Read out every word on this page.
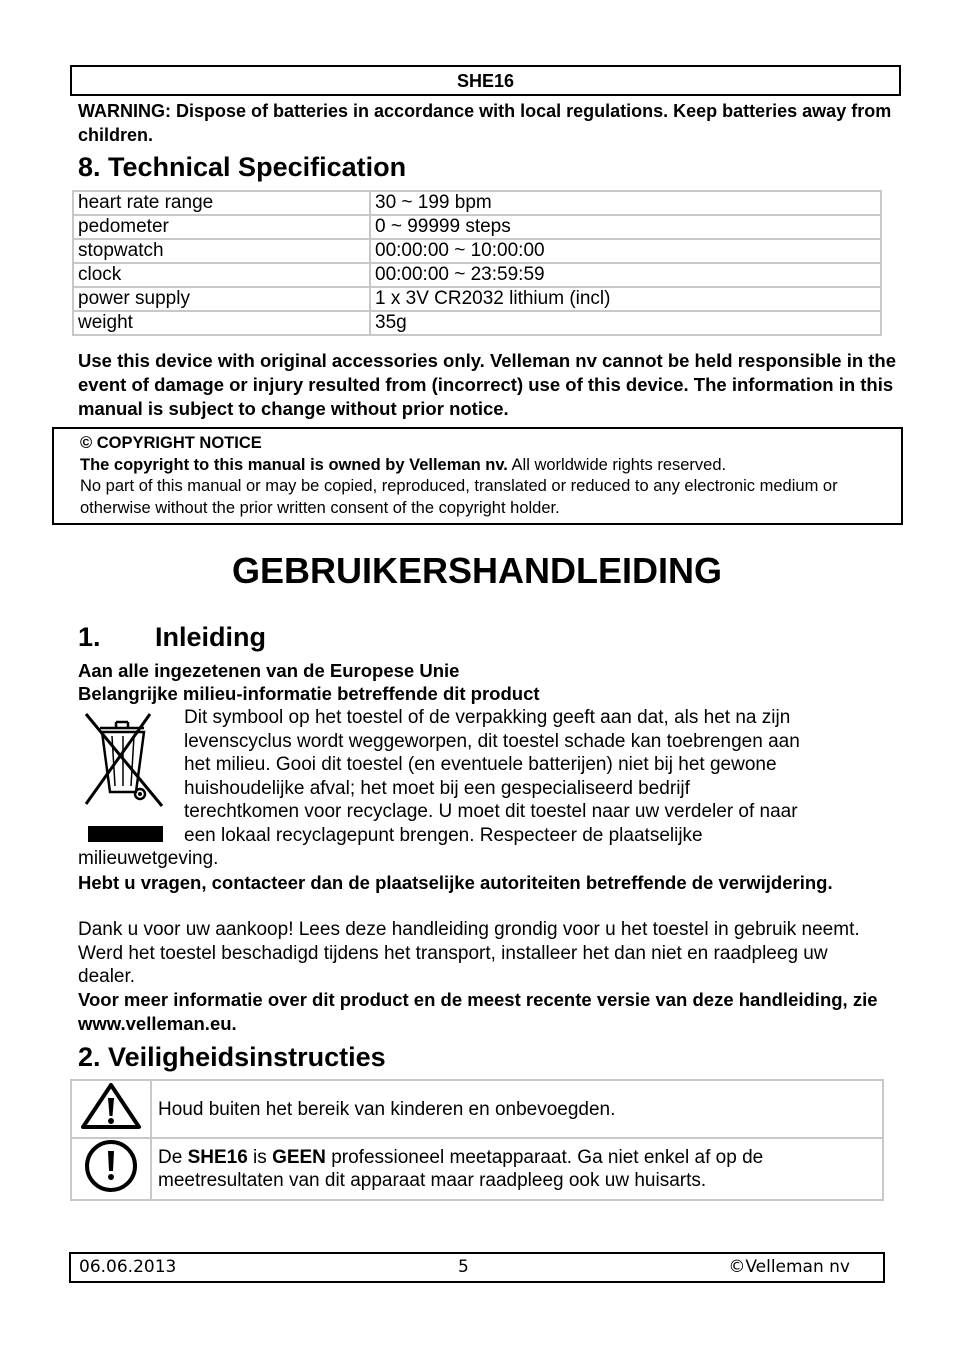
SHE16
WARNING: Dispose of batteries in accordance with local regulations. Keep batteries away from children.
8. Technical Specification
heart rate range	30 ~ 199 bpm
pedometer	0 ~ 99999 steps
stopwatch	00:00:00 ~ 10:00:00
clock	00:00:00 ~ 23:59:59
power supply	1 x 3V CR2032 lithium (incl)
weight	35g
Use this device with original accessories only. Velleman nv cannot be held responsible in the event of damage or injury resulted from (incorrect) use of this device. The information in this manual is subject to change without prior notice.
© COPYRIGHT NOTICE
The copyright to this manual is owned by Velleman nv. All worldwide rights reserved.
No part of this manual or may be copied, reproduced, translated or reduced to any electronic medium or otherwise without the prior written consent of the copyright holder.
GEBRUIKERSHANDLEIDING
1. Inleiding
Aan alle ingezetenen van de Europese Unie
Belangrijke milieu-informatie betreffende dit product
Dit symbool op het toestel of de verpakking geeft aan dat, als het na zijn
levenscyclus wordt weggeworpen, dit toestel schade kan toebrengen aan
het milieu. Gooi dit toestel (en eventuele batterijen) niet bij het gewone
huishoudelijke afval; het moet bij een gespecialiseerd bedrijf
terechtkomen voor recyclage. U moet dit toestel naar uw verdeler of naar
een lokaal recyclagepunt brengen. Respecteer de plaatselijke
milieuwetgeving.
Hebt u vragen, contacteer dan de plaatselijke autoriteiten betreffende de verwijdering.
Dank u voor uw aankoop! Lees deze handleiding grondig voor u het toestel in gebruik neemt. Werd het toestel beschadigd tijdens het transport, installeer het dan niet en raadpleeg uw dealer.
Voor meer informatie over dit product en de meest recente versie van deze handleiding, zie www.velleman.eu.
2. Veiligheidsinstructies
	Houd buiten het bereik van kinderen en onbevoegden.
	De SHE16 is GEEN professioneel meetapparaat. Ga niet enkel af op de meetresultaten van dit apparaat maar raadpleeg ook uw huisarts.
06.06.2013	5	©Velleman nv
